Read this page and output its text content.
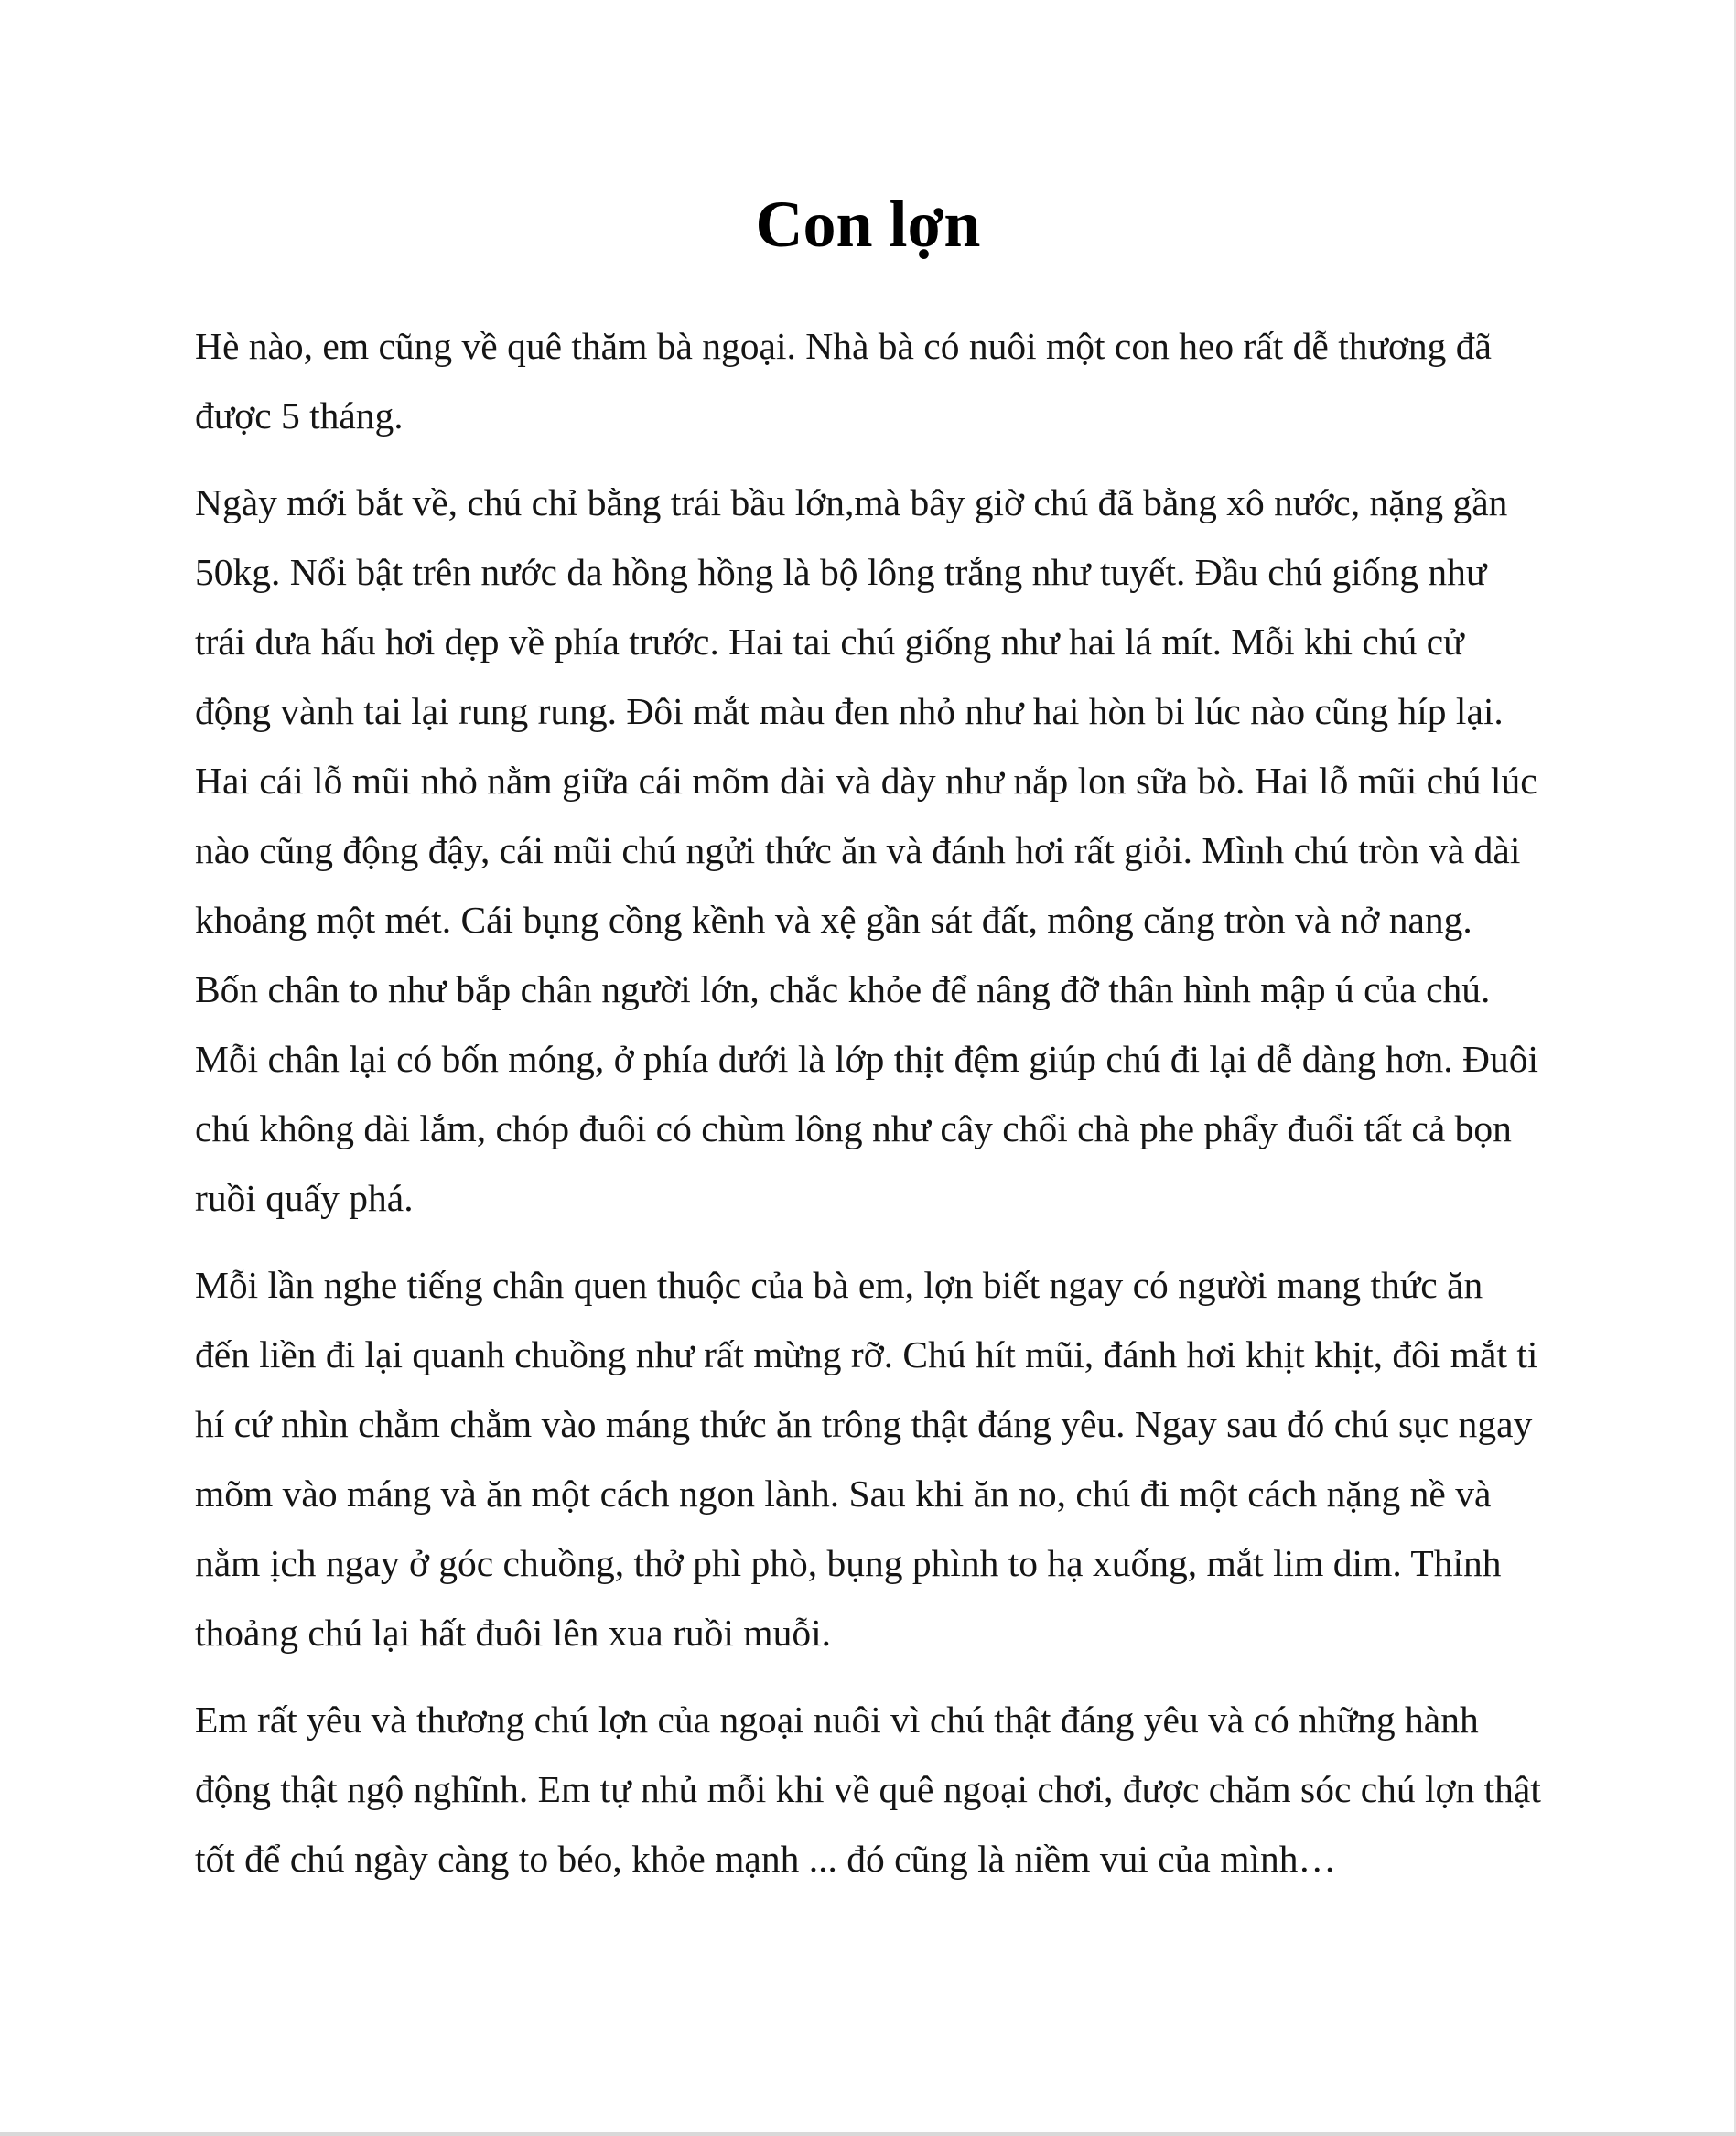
Con lợn

Hè nào, em cũng về quê thăm bà ngoại. Nhà bà có nuôi một con heo rất dễ thương đã được 5 tháng.

Ngày mới bắt về, chú chỉ bằng trái bầu lớn,mà bây giờ chú đã bằng xô nước, nặng gần 50kg. Nổi bật trên nước da hồng hồng là bộ lông trắng như tuyết. Đầu chú giống như trái dưa hấu hơi dẹp về phía trước. Hai tai chú giống như hai lá mít. Mỗi khi chú cử động vành tai lại rung rung. Đôi mắt màu đen nhỏ như hai hòn bi lúc nào cũng híp lại. Hai cái lỗ mũi nhỏ nằm giữa cái mõm dài và dày như nắp lon sữa bò. Hai lỗ mũi chú lúc nào cũng động đậy, cái mũi chú ngửi thức ăn và đánh hơi rất giỏi. Mình chú tròn và dài khoảng một mét. Cái bụng cồng kềnh và xệ gần sát đất, mông căng tròn và nở nang. Bốn chân to như bắp chân người lớn, chắc khỏe để nâng đỡ thân hình mập ú của chú. Mỗi chân lại có bốn móng, ở phía dưới là lớp thịt đệm giúp chú đi lại dễ dàng hơn. Đuôi chú không dài lắm, chóp đuôi có chùm lông như cây chổi chà phe phẩy đuổi tất cả bọn ruồi quấy phá.

Mỗi lần nghe tiếng chân quen thuộc của bà em, lợn biết ngay có người mang thức ăn đến liền đi lại quanh chuồng như rất mừng rỡ. Chú hít mũi, đánh hơi khịt khịt, đôi mắt ti hí cứ nhìn chằm chằm vào máng thức ăn trông thật đáng yêu. Ngay sau đó chú sục ngay mõm vào máng và ăn một cách ngon lành. Sau khi ăn no, chú đi một cách nặng nề và nằm ịch ngay ở góc chuồng, thở phì phò, bụng phình to hạ xuống, mắt lim dim. Thỉnh thoảng chú lại hất đuôi lên xua ruồi muỗi.

Em rất yêu và thương chú lợn của ngoại nuôi vì chú thật đáng yêu và có những hành động thật ngộ nghĩnh. Em tự nhủ mỗi khi về quê ngoại chơi, được chăm sóc chú lợn thật tốt để chú ngày càng to béo, khỏe mạnh ... đó cũng là niềm vui của mình…
